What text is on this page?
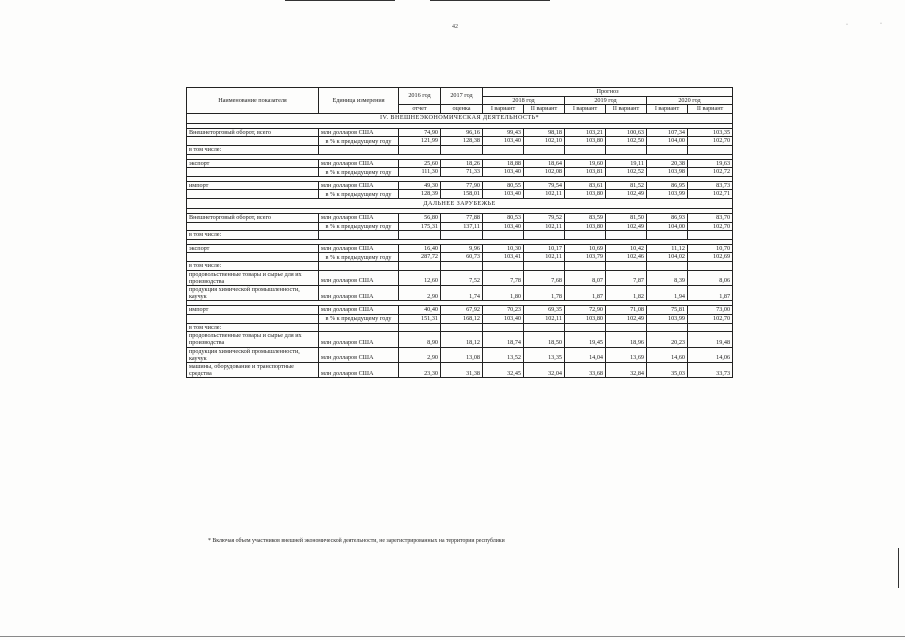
·	·
42
Наименование показателя	Единица измерения	2016 год	2017 год	Прогноз					
				2018 год		2019 год		2020 год	
		отчет	оценка	I вариант	II вариант	I вариант	II вариант	I вариант	II вариант
IV. ВНЕШНЕЭКОНОМИЧЕСКАЯ ДЕЯТЕЛЬНОСТЬ*									

Внешнеторговый оборот, всего	млн долларов США	74,90	96,16	99,43	98,18	103,21	100,63	107,34	103,35
	в % к предыдущему году	121,99	128,38	103,40	102,10	103,80	102,50	104,00	102,70
в том числе:									

экспорт	млн долларов США	25,60	18,26	18,88	18,64	19,60	19,11	20,38	19,63
	в % к предыдущему году	111,30	71,33	103,40	102,08	103,81	102,52	103,98	102,72

импорт	млн долларов США	49,30	77,90	80,55	79,54	83,61	81,52	86,95	83,73
	в % к предыдущему году	128,39	158,01	103,40	102,11	103,80	102,49	103,99	102,71
ДАЛЬНЕЕ ЗАРУБЕЖЬЕ									

Внешнеторговый оборот, всего	млн долларов США	56,80	77,88	80,53	79,52	83,59	81,50	86,93	83,70
	в % к предыдущему году	175,31	137,11	103,40	102,11	103,80	102,49	104,00	102,70
в том числе:									

экспорт	млн долларов США	16,40	9,96	10,30	10,17	10,69	10,42	11,12	10,70
	в % к предыдущему году	287,72	60,73	103,41	102,11	103,79	102,46	104,02	102,69
в том числе:									
продовольственные товары и сырье для их производства	млн долларов США	12,60	7,52	7,78	7,68	8,07	7,87	8,39	8,06
продукция химической промышленности, каучук	млн долларов США	2,90	1,74	1,80	1,78	1,87	1,82	1,94	1,87

импорт	млн долларов США	40,40	67,92	70,23	69,35	72,90	71,08	75,81	73,00
	в % к предыдущему году	151,31	168,12	103,40	102,11	103,80	102,49	103,99	102,70
в том числе:									
продовольственные товары и сырье для их производства	млн долларов США	8,90	18,12	18,74	18,50	19,45	18,96	20,23	19,48
продукция химической промышленности, каучук	млн долларов США	2,90	13,08	13,52	13,35	14,04	13,69	14,60	14,06
машины, оборудование и транспортные средства	млн долларов США	23,30	31,38	32,45	32,04	33,68	32,84	35,03	33,73
* Включая объем участников внешней экономической деятельности, не зарегистрированных на территории республики
